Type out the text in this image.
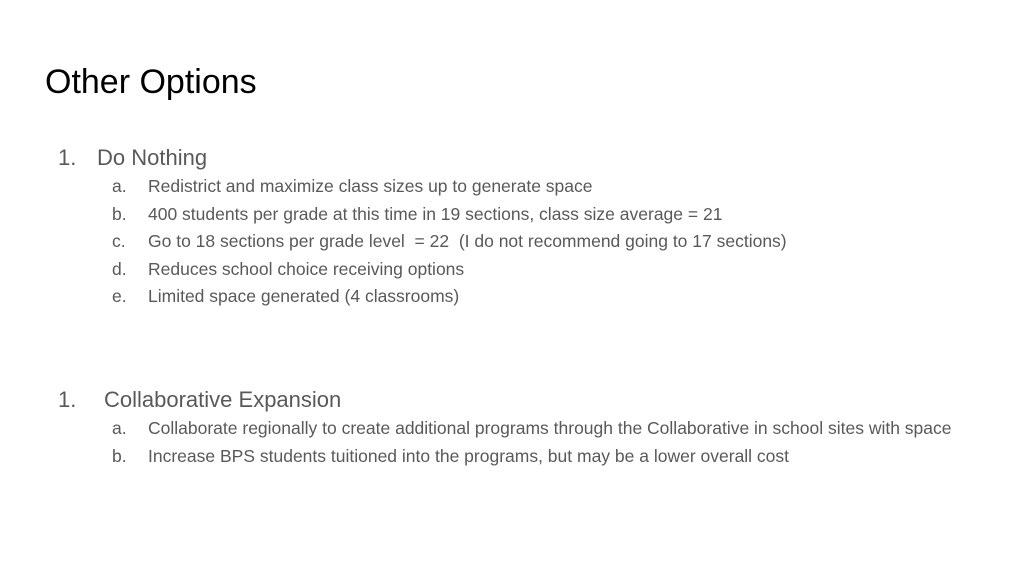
Other Options
1. Do Nothing
a. Redistrict and maximize class sizes up to generate space
b. 400 students per grade at this time in 19 sections, class size average = 21
c. Go to 18 sections per grade level  = 22  (I do not recommend going to 17 sections)
d. Reduces school choice receiving options
e. Limited space generated (4 classrooms)
1. Collaborative Expansion
a. Collaborate regionally to create additional programs through the Collaborative in school sites with space
b. Increase BPS students tuitioned into the programs, but may be a lower overall cost
